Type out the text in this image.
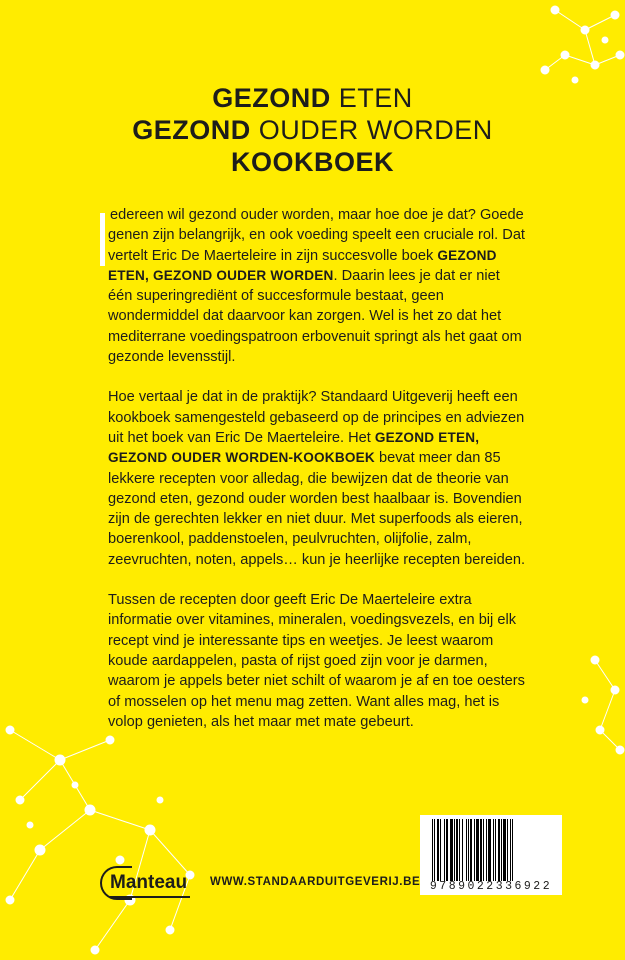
GEZOND ETEN
GEZOND OUDER WORDEN
KOOKBOEK

edereen wil gezond ouder worden, maar hoe doe je dat? Goede genen zijn belangrijk, en ook voeding speelt een cruciale rol. Dat vertelt Eric De Maerteleire in zijn succesvolle boek GEZOND ETEN, GEZOND OUDER WORDEN. Daarin lees je dat er niet één superingrediënt of succesformule bestaat, geen wondermiddel dat daarvoor kan zorgen. Wel is het zo dat het mediterrane voedingspatroon erbovenuit springt als het gaat om gezonde levensstijl.

Hoe vertaal je dat in de praktijk? Standaard Uitgeverij heeft een kookboek samengesteld gebaseerd op de principes en adviezen uit het boek van Eric De Maerteleire. Het GEZOND ETEN, GEZOND OUDER WORDEN-KOOKBOEK bevat meer dan 85 lekkere recepten voor alledag, die bewijzen dat de theorie van gezond eten, gezond ouder worden best haalbaar is. Bovendien zijn de gerechten lekker en niet duur. Met superfoods als eieren, boerenkool, paddenstoelen, peulvruchten, olijfolie, zalm, zeevruchten, noten, appels… kun je heerlijke recepten bereiden.

Tussen de recepten door geeft Eric De Maerteleire extra informatie over vitamines, mineralen, voedingsvezels, en bij elk recept vind je interessante tips en weetjes. Je leest waarom koude aardappelen, pasta of rijst goed zijn voor je darmen, waarom je appels beter niet schilt of waarom je af en toe oesters of mosselen op het menu mag zetten. Want alles mag, het is volop genieten, als het maar met mate gebeurt.

Manteau WWW.STANDAARDUITGEVERIJ.BE 9789022336922
